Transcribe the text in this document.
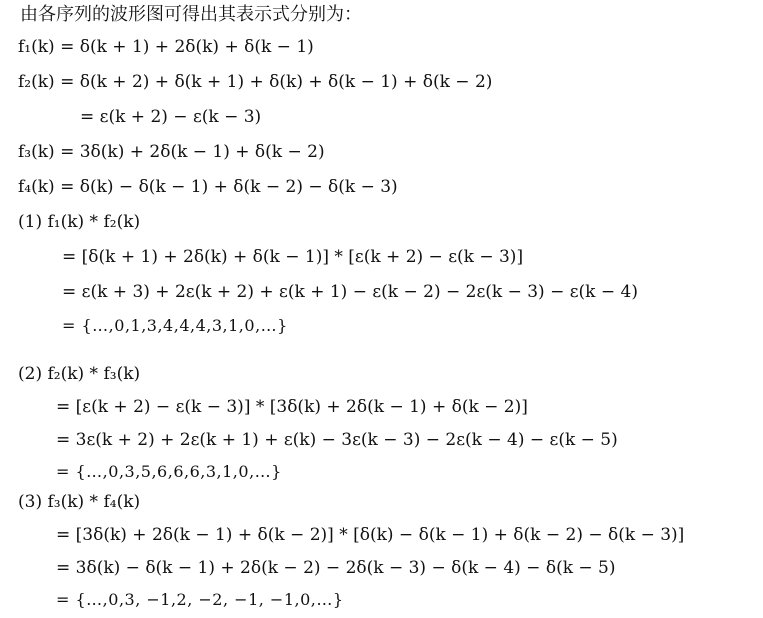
由各序列的波形图可得出其表示式分别为：
f₁(k) = δ(k + 1) + 2δ(k) + δ(k − 1)
f₂(k) = δ(k + 2) + δ(k + 1) + δ(k) + δ(k − 1) + δ(k − 2)
= ε(k + 2) − ε(k − 3)
f₃(k) = 3δ(k) + 2δ(k − 1) + δ(k − 2)
f₄(k) = δ(k) − δ(k − 1) + δ(k − 2) − δ(k − 3)
(1) f₁(k) * f₂(k)
= [δ(k + 1) + 2δ(k) + δ(k − 1)] * [ε(k + 2) − ε(k − 3)]
= ε(k + 3) + 2ε(k + 2) + ε(k + 1) − ε(k − 2) − 2ε(k − 3) − ε(k − 4)
= {…,0,1,3,4,4,4,3,1,0,…}
(2) f₂(k) * f₃(k)
= [ε(k + 2) − ε(k − 3)] * [3δ(k) + 2δ(k − 1) + δ(k − 2)]
= 3ε(k + 2) + 2ε(k + 1) + ε(k) − 3ε(k − 3) − 2ε(k − 4) − ε(k − 5)
= {…,0,3,5,6,6,6,3,1,0,…}
(3) f₃(k) * f₄(k)
= [3δ(k) + 2δ(k − 1) + δ(k − 2)] * [δ(k) − δ(k − 1) + δ(k − 2) − δ(k − 3)]
= 3δ(k) − δ(k − 1) + 2δ(k − 2) − 2δ(k − 3) − δ(k − 4) − δ(k − 5)
= {…,0,3, −1,2, −2, −1, −1,0,…}
